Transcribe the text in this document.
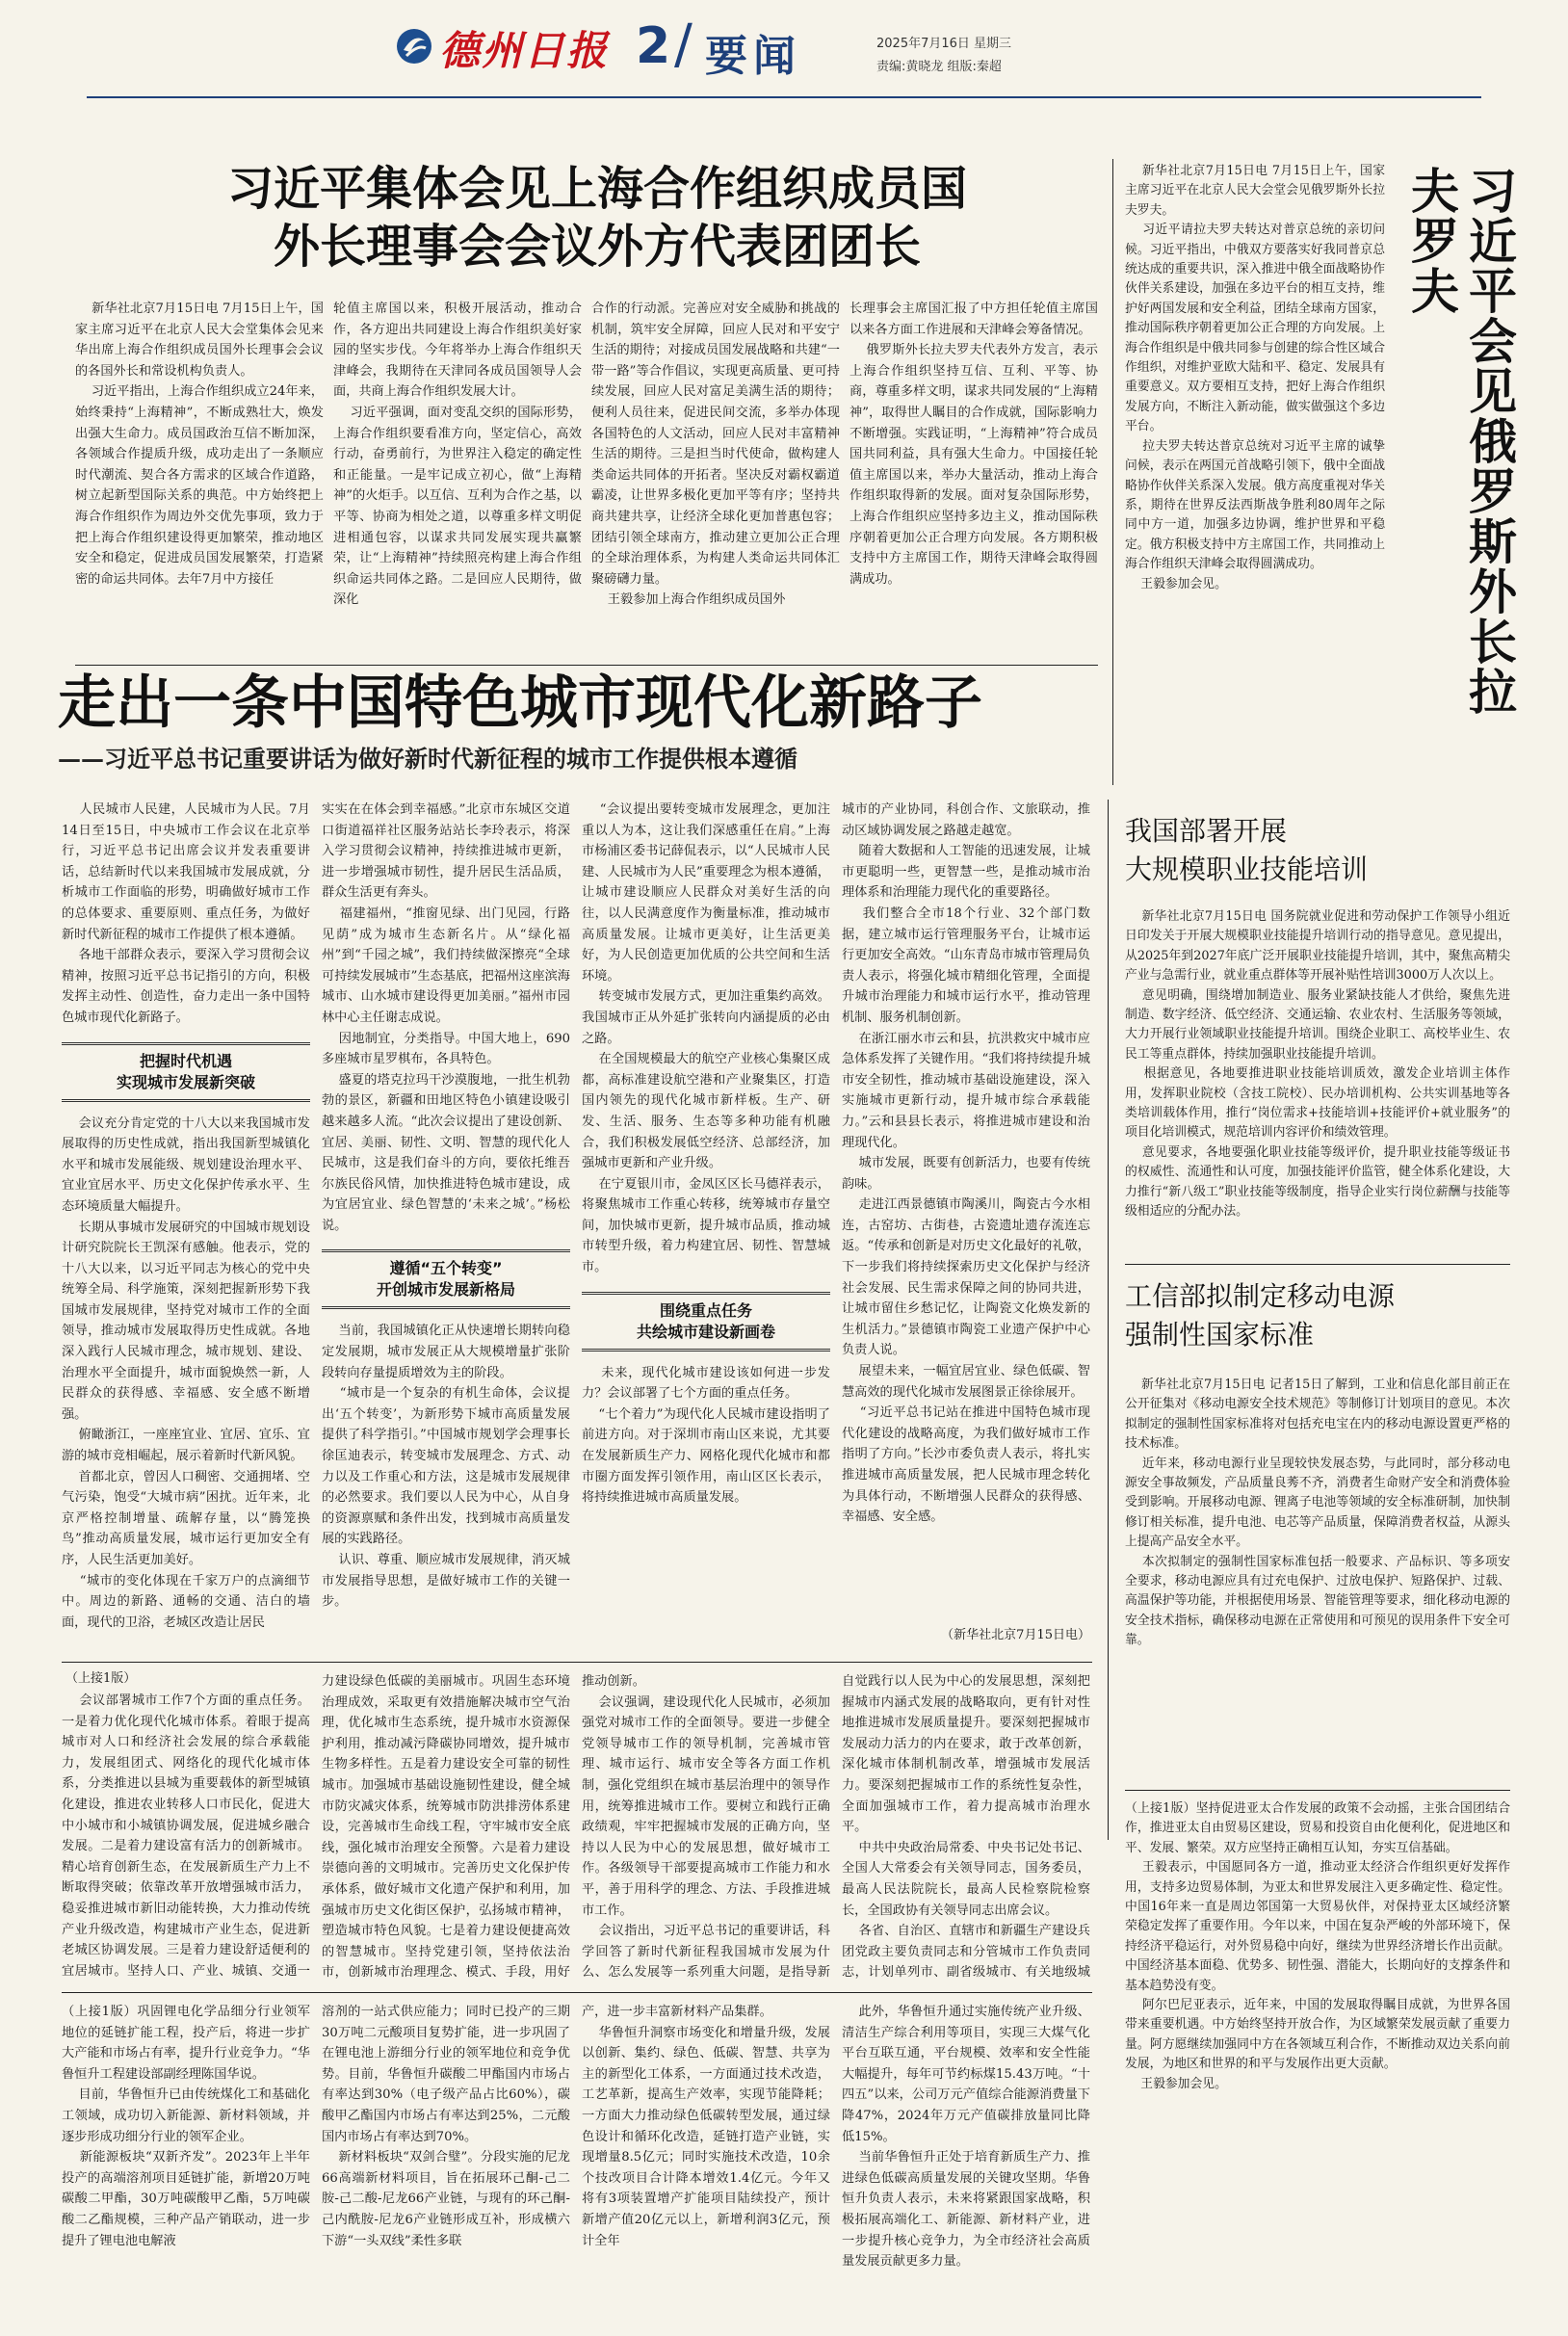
德州日报 2 / 要闻	2025年7月16日 星期三
责编:黄晓龙 组版:秦超
习近平集体会见上海合作组织成员国
外长理事会会议外方代表团团长

新华社北京7月15日电 7月15日上午，国家主席习近平在北京人民大会堂集体会见来华出席上海合作组织成员国外长理事会会议的各国外长和常设机构负责人。
习近平指出，上海合作组织成立24年来，始终秉持“上海精神”，不断成熟壮大，焕发出强大生命力。成员国政治互信不断加深，各领域合作提质升级，成功走出了一条顺应时代潮流、契合各方需求的区域合作道路，树立起新型国际关系的典范。中方始终把上海合作组织作为周边外交优先事项，致力于把上海合作组织建设得更加繁荣，推动地区安全和稳定，促进成员国发展繁荣，打造紧密的命运共同体。去年7月中方接任

轮值主席国以来，积极开展活动，推动合作，各方迎出共同建设上海合作组织美好家园的坚实步伐。今年将举办上海合作组织天津峰会，我期待在天津同各成员国领导人会面，共商上海合作组织发展大计。
习近平强调，面对变乱交织的国际形势，上海合作组织要看准方向，坚定信心，高效行动，奋勇前行，为世界注入稳定的确定性和正能量。一是牢记成立初心，做“上海精神”的火炬手。以互信、互利为合作之基，以平等、协商为相处之道，以尊重多样文明促进相通包容，以谋求共同发展实现共赢繁荣，让“上海精神”持续照亮构建上海合作组织命运共同体之路。二是回应人民期待，做深化

合作的行动派。完善应对安全威胁和挑战的机制，筑牢安全屏障，回应人民对和平安宁生活的期待；对接成员国发展战略和共建“一带一路”等合作倡议，实现更高质量、更可持续发展，回应人民对富足美满生活的期待；便利人员往来，促进民间交流，多举办体现各国特色的人文活动，回应人民对丰富精神生活的期待。三是担当时代使命，做构建人类命运共同体的开拓者。坚决反对霸权霸道霸凌，让世界多极化更加平等有序；坚持共商共建共享，让经济全球化更加普惠包容；团结引领全球南方，推动建立更加公正合理的全球治理体系，为构建人类命运共同体汇聚磅礴力量。
王毅参加上海合作组织成员国外

长理事会主席国汇报了中方担任轮值主席国以来各方面工作进展和天津峰会筹备情况。
俄罗斯外长拉夫罗夫代表外方发言，表示上海合作组织坚持互信、互利、平等、协商，尊重多样文明，谋求共同发展的“上海精神”，取得世人瞩目的合作成就，国际影响力不断增强。实践证明，“上海精神”符合成员国共同利益，具有强大生命力。中国接任轮值主席国以来，举办大量活动，推动上海合作组织取得新的发展。面对复杂国际形势，上海合作组织应坚持多边主义，推动国际秩序朝着更加公正合理方向发展。各方期积极支持中方主席国工作，期待天津峰会取得圆满成功。

新华社北京7月15日电 7月15日上午，国家主席习近平在北京人民大会堂会见俄罗斯外长拉夫罗夫。
习近平请拉夫罗夫转达对普京总统的亲切问候。习近平指出，中俄双方要落实好我同普京总统达成的重要共识，深入推进中俄全面战略协作伙伴关系建设，加强在多边平台的相互支持，维护好两国发展和安全利益，团结全球南方国家，推动国际秩序朝着更加公正合理的方向发展。上海合作组织是中俄共同参与创建的综合性区域合作组织，对维护亚欧大陆和平、稳定、发展具有重要意义。双方要相互支持，把好上海合作组织发展方向，不断注入新动能，做实做强这个多边平台。
拉夫罗夫转达普京总统对习近平主席的诚挚问候，表示在两国元首战略引领下，俄中全面战略协作伙伴关系深入发展。俄方高度重视对华关系，期待在世界反法西斯战争胜利80周年之际同中方一道，加强多边协调，维护世界和平稳定。俄方积极支持中方主席国工作，共同推动上海合作组织天津峰会取得圆满成功。
王毅参加会见。	习近平会见俄罗斯外长拉夫罗夫
走出一条中国特色城市现代化新路子
——习近平总书记重要讲话为做好新时代新征程的城市工作提供根本遵循

人民城市人民建，人民城市为人民。7月14日至15日，中央城市工作会议在北京举行，习近平总书记出席会议并发表重要讲话，总结新时代以来我国城市发展成就，分析城市工作面临的形势，明确做好城市工作的总体要求、重要原则、重点任务，为做好新时代新征程的城市工作提供了根本遵循。
各地干部群众表示，要深入学习贯彻会议精神，按照习近平总书记指引的方向，积极发挥主动性、创造性，奋力走出一条中国特色城市现代化新路子。

把握时代机遇
实现城市发展新突破

会议充分肯定党的十八大以来我国城市发展取得的历史性成就，指出我国新型城镇化水平和城市发展能级、规划建设治理水平、宜业宜居水平、历史文化保护传承水平、生态环境质量大幅提升。
长期从事城市发展研究的中国城市规划设计研究院院长王凯深有感触。他表示，党的十八大以来，以习近平同志为核心的党中央统筹全局、科学施策，深刻把握新形势下我国城市发展规律，坚持党对城市工作的全面领导，推动城市发展取得历史性成就。各地深入践行人民城市理念，城市规划、建设、治理水平全面提升，城市面貌焕然一新，人民群众的获得感、幸福感、安全感不断增强。
俯瞰浙江，一座座宜业、宜居、宜乐、宜游的城市竞相崛起，展示着新时代新风貌。
首都北京，曾因人口稠密、交通拥堵、空气污染，饱受“大城市病”困扰。近年来，北京严格控制增量、疏解存量，以“腾笼换鸟”推动高质量发展，城市运行更加安全有序，人民生活更加美好。
“城市的变化体现在千家万户的点滴细节中。周边的新路、通畅的交通、洁白的墙面，现代的卫浴，老城区改造让居民

实实在在体会到幸福感。”北京市东城区交道口街道福祥社区服务站站长李玲表示，将深入学习贯彻会议精神，持续推进城市更新，进一步增强城市韧性，提升居民生活品质，群众生活更有奔头。
福建福州，“推窗见绿、出门见园，行路见荫”成为城市生态新名片。从“绿化福州”到“千园之城”，我们持续做深擦亮“全球可持续发展城市”生态基底，把福州这座滨海城市、山水城市建设得更加美丽。”福州市园林中心主任谢志成说。
因地制宜，分类指导。中国大地上，690多座城市星罗棋布，各具特色。
盛夏的塔克拉玛干沙漠腹地，一批生机勃勃的景区，新疆和田地区特色小镇建设吸引越来越多人流。“此次会议提出了建设创新、宜居、美丽、韧性、文明、智慧的现代化人民城市，这是我们奋斗的方向，要依托维吾尔族民俗风情，加快推进特色城市建设，成为宜居宜业、绿色智慧的‘未来之城’。”杨松说。

遵循“五个转变”
开创城市发展新格局

当前，我国城镇化正从快速增长期转向稳定发展期，城市发展正从大规模增量扩张阶段转向存量提质增效为主的阶段。
“城市是一个复杂的有机生命体，会议提出‘五个转变’，为新形势下城市高质量发展提供了科学指引。”中国城市规划学会理事长徐匡迪表示，转变城市发展理念、方式、动力以及工作重心和方法，这是城市发展规律的必然要求。我们要以人民为中心，从自身的资源禀赋和条件出发，找到城市高质量发展的实践路径。
认识、尊重、顺应城市发展规律，消灭城市发展指导思想，是做好城市工作的关键一步。

“会议提出要转变城市发展理念，更加注重以人为本，这让我们深感重任在肩。”上海市杨浦区委书记薛侃表示，以“人民城市人民建、人民城市为人民”重要理念为根本遵循，让城市建设顺应人民群众对美好生活的向往，以人民满意度作为衡量标准，推动城市高质量发展。让城市更美好，让生活更美好，为人民创造更加优质的公共空间和生活环境。
转变城市发展方式，更加注重集约高效。我国城市正从外延扩张转向内涵提质的必由之路。
在全国规模最大的航空产业核心集聚区成都，高标准建设航空港和产业聚集区，打造国内领先的现代化城市新样板。生产、研发、生活、服务、生态等多种功能有机融合，我们积极发展低空经济、总部经济，加强城市更新和产业升级。
在宁夏银川市，金凤区区长马德祥表示，将聚焦城市工作重心转移，统筹城市存量空间，加快城市更新，提升城市品质，推动城市转型升级，着力构建宜居、韧性、智慧城市。

围绕重点任务
共绘城市建设新画卷

未来，现代化城市建设该如何进一步发力？会议部署了七个方面的重点任务。
“七个着力”为现代化人民城市建设指明了前进方向。对于深圳市南山区来说，尤其要在发展新质生产力、网格化现代化城市和都市圈方面发挥引领作用，南山区区长表示，将持续推进城市高质量发展。

城市的产业协同，科创合作、文旅联动，推动区域协调发展之路越走越宽。
随着大数据和人工智能的迅速发展，让城市更聪明一些，更智慧一些，是推动城市治理体系和治理能力现代化的重要路径。
我们整合全市18个行业、32个部门数据，建立城市运行管理服务平台，让城市运行更加安全高效。“山东青岛市城市管理局负责人表示，将强化城市精细化管理，全面提升城市治理能力和城市运行水平，推动管理机制、服务机制创新。
在浙江丽水市云和县，抗洪救灾中城市应急体系发挥了关键作用。“我们将持续提升城市安全韧性，推动城市基础设施建设，深入实施城市更新行动，提升城市综合承载能力。”云和县县长表示，将推进城市建设和治理现代化。
城市发展，既要有创新活力，也要有传统韵味。
走进江西景德镇市陶溪川，陶瓷古今水相连，古窑坊、古街巷，古瓷遗址遗存流连忘返。“传承和创新是对历史文化最好的礼敬，下一步我们将持续探索历史文化保护与经济社会发展、民生需求保障之间的协同共进，让城市留住乡愁记忆，让陶瓷文化焕发新的生机活力。”景德镇市陶瓷工业遗产保护中心负责人说。
展望未来，一幅宜居宜业、绿色低碳、智慧高效的现代化城市发展图景正徐徐展开。
“习近平总书记站在推进中国特色城市现代化建设的战略高度，为我们做好城市工作指明了方向。”长沙市委负责人表示，将扎实推进城市高质量发展，把人民城市理念转化为具体行动，不断增强人民群众的获得感、幸福感、安全感。

（新华社北京7月15日电）
我国部署开展
大规模职业技能培训

新华社北京7月15日电 国务院就业促进和劳动保护工作领导小组近日印发关于开展大规模职业技能提升培训行动的指导意见。意见提出，从2025年到2027年底广泛开展职业技能提升培训，其中，聚焦高精尖产业与急需行业，就业重点群体等开展补贴性培训3000万人次以上。
意见明确，围绕增加制造业、服务业紧缺技能人才供给，聚焦先进制造、数字经济、低空经济、交通运输、农业农村、生活服务等领域，大力开展行业领域职业技能提升培训。围绕企业职工、高校毕业生、农民工等重点群体，持续加强职业技能提升培训。
根据意见，各地要推进职业技能培训质效，激发企业培训主体作用，发挥职业院校（含技工院校）、民办培训机构、公共实训基地等各类培训载体作用，推行“岗位需求+技能培训+技能评价+就业服务”的项目化培训模式，规范培训内容评价和绩效管理。
意见要求，各地要强化职业技能等级评价，提升职业技能等级证书的权威性、流通性和认可度，加强技能评价监管，健全体系化建设，大力推行“新八级工”职业技能等级制度，指导企业实行岗位薪酬与技能等级相适应的分配办法。

工信部拟制定移动电源
强制性国家标准

新华社北京7月15日电 记者15日了解到，工业和信息化部目前正在公开征集对《移动电源安全技术规范》等制修订计划项目的意见。本次拟制定的强制性国家标准将对包括充电宝在内的移动电源设置更严格的技术标准。
近年来，移动电源行业呈现较快发展态势，与此同时，部分移动电源安全事故频发，产品质量良莠不齐，消费者生命财产安全和消费体验受到影响。开展移动电源、锂离子电池等领域的安全标准研制，加快制修订相关标准，提升电池、电芯等产品质量，保障消费者权益，从源头上提高产品安全水平。
本次拟制定的强制性国家标准包括一般要求、产品标识、等多项安全要求，移动电源应具有过充电保护、过放电保护、短路保护、过载、高温保护等功能，并根据使用场景、智能管理等要求，细化移动电源的安全技术指标，确保移动电源在正常使用和可预见的误用条件下安全可靠。

（上接1版）

会议部署城市工作7个方面的重点任务。一是着力优化现代化城市体系。着眼于提高城市对人口和经济社会发展的综合承载能力，发展组团式、网络化的现代化城市体系，分类推进以县城为重要载体的新型城镇化建设，推进农业转移人口市民化，促进大中小城市和小城镇协调发展，促进城乡融合发展。二是着力建设富有活力的创新城市。精心培育创新生态，在发展新质生产力上不断取得突破；依靠改革开放增强城市活力，稳妥推进城市新旧动能转换，大力推动传统产业升级改造，构建城市产业生态，促进新老城区协调发展。三是着力建设舒适便利的宜居城市。坚持人口、产业、城镇、交通一

力建设绿色低碳的美丽城市。巩固生态环境治理成效，采取更有效措施解决城市空气治理，优化城市生态系统，提升城市水资源保护利用，推动减污降碳协同增效，提升城市生物多样性。五是着力建设安全可靠的韧性城市。加强城市基础设施韧性建设，健全城市防灾减灾体系，统筹城市防洪排涝体系建设，完善城市生命线工程，守牢城市安全底线，强化城市治理安全预警。六是着力建设崇德向善的文明城市。完善历史文化保护传承体系，做好城市文化遗产保护和利用，加强城市历史文化街区保护，弘扬城市精神，塑造城市特色风貌。七是着力建设便捷高效的智慧城市。坚持党建引领，坚持依法治市，创新城市治理理念、模式、手段，用好

推动创新。
会议强调，建设现代化人民城市，必须加强党对城市工作的全面领导。要进一步健全党领导城市工作的领导机制，完善城市管理、城市运行、城市安全等各方面工作机制，强化党组织在城市基层治理中的领导作用，统筹推进城市工作。要树立和践行正确政绩观，牢牢把握城市发展的正确方向，坚持以人民为中心的发展思想，做好城市工作。各级领导干部要提高城市工作能力和水平，善于用科学的理念、方法、手段推进城市工作。
会议指出，习近平总书记的重要讲话，科学回答了新时代新征程我国城市发展为什么、怎么发展等一系列重大问题，是指导新

自觉践行以人民为中心的发展思想，深刻把握城市内涵式发展的战略取向，更有针对性地推进城市发展质量提升。要深刻把握城市发展动力活力的内在要求，敢于改革创新，深化城市体制机制改革，增强城市发展活力。要深刻把握城市工作的系统性复杂性，全面加强城市工作，着力提高城市治理水平。
中共中央政治局常委、中央书记处书记、全国人大常委会有关领导同志，国务委员，最高人民法院院长，最高人民检察院检察长，全国政协有关领导同志出席会议。
各省、自治区、直辖市和新疆生产建设兵团党政主要负责同志和分管城市工作负责同志，计划单列市、副省级城市、有关地级城

（上接1版）巩固锂电化学品细分行业领军地位的延链扩能工程，投产后，将进一步扩大产能和市场占有率，提升行业竞争力。“华鲁恒升工程建设部副经理陈国华说。
目前，华鲁恒升已由传统煤化工和基础化工领域，成功切入新能源、新材料领域，并逐步形成功细分行业的领军企业。
新能源板块“双新齐发”。2023年上半年投产的高端溶剂项目延链扩能，新增20万吨碳酸二甲酯，30万吨碳酸甲乙酯，5万吨碳酸二乙酯规模，三种产品产销联动，进一步提升了锂电池电解液

溶剂的一站式供应能力；同时已投产的三期30万吨二元酸项目复势扩能，进一步巩固了在锂电池上游细分行业的领军地位和竞争优势。目前，华鲁恒升碳酸二甲酯国内市场占有率达到30%（电子级产品占比60%），碳酸甲乙酯国内市场占有率达到25%，二元酸国内市场占有率达到70%。
新材料板块“双剑合璧”。分段实施的尼龙66高端新材料项目，旨在拓展环己酮-己二胺-己二酸-尼龙66产业链，与现有的环己酮-己内酰胺-尼龙6产业链形成互补，形成横六下游“一头双线”柔性多联

产，进一步丰富新材料产品集群。
华鲁恒升洞察市场变化和增量升级，发展以创新、集约、绿色、低碳、智慧、共享为主的新型化工体系，一方面通过技术改造，工艺革新，提高生产效率，实现节能降耗；一方面大力推动绿色低碳转型发展，通过绿色设计和循环化改造，延链打造产业链，实现增量8.5亿元；同时实施技术改造，10余个技改项目合计降本增效1.4亿元。今年又将有3项装置增产扩能项目陆续投产，预计新增产值20亿元以上，新增利润3亿元，预计全年

此外，华鲁恒升通过实施传统产业升级、清洁生产综合利用等项目，实现三大煤气化平台互联互通，平台规模、效率和安全性能大幅提升，每年可节约标煤15.43万吨。“十四五”以来，公司万元产值综合能源消费量下降47%，2024年万元产值碳排放量同比降低15%。
当前华鲁恒升正处于培育新质生产力、推进绿色低碳高质量发展的关键攻坚期。华鲁恒升负责人表示，未来将紧跟国家战略，积极拓展高端化工、新能源、新材料产业，进一步提升核心竞争力，为全市经济社会高质量发展贡献更多力量。

（上接1版）坚持促进亚太合作发展的政策不会动摇，主张合国团结合作，推进亚太自由贸易区建设，贸易和投资自由化便利化，促进地区和平、发展、繁荣。双方应坚持正确相互认知，夯实互信基础。
王毅表示，中国愿同各方一道，推动亚太经济合作组织更好发挥作用，支持多边贸易体制，为亚太和世界发展注入更多确定性、稳定性。中国16年来一直是周边邻国第一大贸易伙伴，对保持亚太区域经济繁荣稳定发挥了重要作用。今年以来，中国在复杂严峻的外部环境下，保持经济平稳运行，对外贸易稳中向好，继续为世界经济增长作出贡献。中国经济基本面稳、优势多、韧性强、潜能大，长期向好的支撑条件和基本趋势没有变。
阿尔巴尼亚表示，近年来，中国的发展取得瞩目成就，为世界各国带来重要机遇。中方始终坚持开放合作，为区域繁荣发展贡献了重要力量。阿方愿继续加强同中方在各领域互利合作，不断推动双边关系向前发展，为地区和世界的和平与发展作出更大贡献。
王毅参加会见。
